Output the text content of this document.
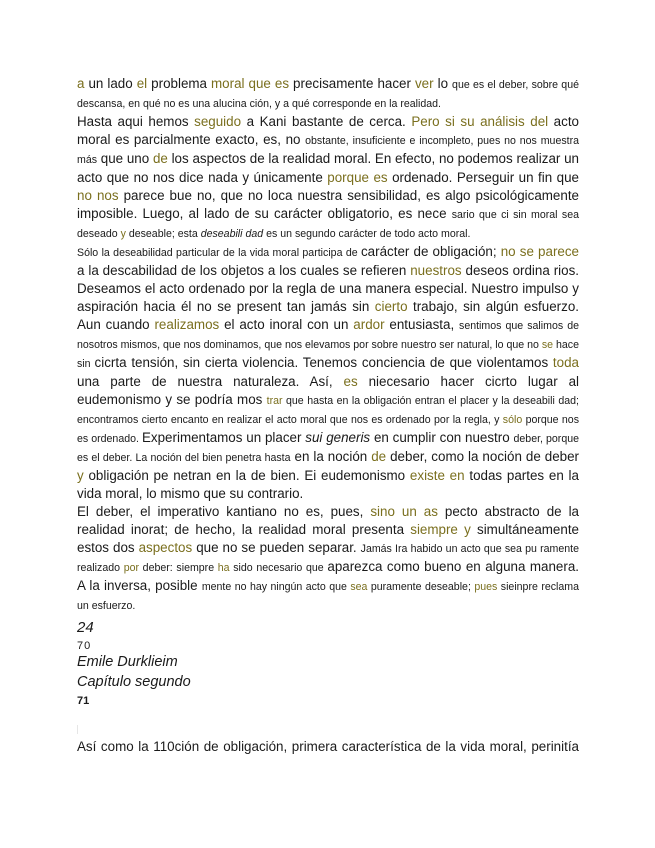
a un lado el problema moral que es precisamente hacer ver lo que es el deber, sobre qué descansa, en qué no es una alucina ción, y a qué corresponde en la realidad.

Hasta aqui hemos seguido a Kani bastante de cerca. Pero si su análisis del acto moral es parcialmente exacto, es, no obstante, insuficiente e incompleto, pues no nos muestra más que uno de los aspectos de la realidad moral. En efecto, no podemos realizar un acto que no nos dice nada y únicamente porque es ordenado. Perseguir un fin que no nos parece bue no, que no loca nuestra sensibilidad, es algo psicológicamente imposible. Luego, al lado de su carácter obligatorio, es nece sario que ci sin moral sea deseado y deseable; esta deseabili dad es un segundo carácter de todo acto moral.

Sólo la deseabilidad particular de la vida moral participa de carácter de obligación; no se parece a la descabilidad de los objetos a los cuales se refieren nuestros deseos ordina rios. Deseamos el acto ordenado por la regla de una manera especial. Nuestro impulso y aspiración hacia él no se present tan jamás sin cierto trabajo, sin algún esfuerzo. Aun cuando realizamos el acto inoral con un ardor entusiasta, sentimos que salimos de nosotros mismos, que nos dominamos, que nos elevamos por sobre nuestro ser natural, lo que no se hace sin cicrta tensión, sin cierta violencia. Tenemos conciencia de que violentamos toda una parte de nuestra naturaleza. Así, es niecesario hacer cicrto lugar al eudemonismo y se podría mos trar que hasta en la obligación entran el placer y la deseabili dad; encontramos cierto encanto en realizar el acto moral que nos es ordenado por la regla, y sólo porque nos es ordenado. Experimentamos un placer sui generis en cumplir con nuestro deber, porque es el deber. La noción del bien penetra hasta en la noción de deber, como la noción de deber y obligación pe netran en la de bien. Ei eudemonismo existe en todas partes en la vida moral, lo mismo que su contrario.

El deber, el imperativo kantiano no es, pues, sino un as pecto abstracto de la realidad inorat; de hecho, la realidad moral presenta siempre y simultáneamente estos dos aspectos que no se pueden separar. Jamás Ira habido un acto que sea pu ramente realizado por deber: siempre ha sido necesario que aparezca como bueno en alguna manera. A la inversa, posible mente no hay ningún acto que sea puramente deseable; pues sieinpre reclama un esfuerzo.

24
70
Emile Durklieim
Capítulo segundo
71
Así como la 110ción de obligación, primera característica de la vida moral, perinitía
